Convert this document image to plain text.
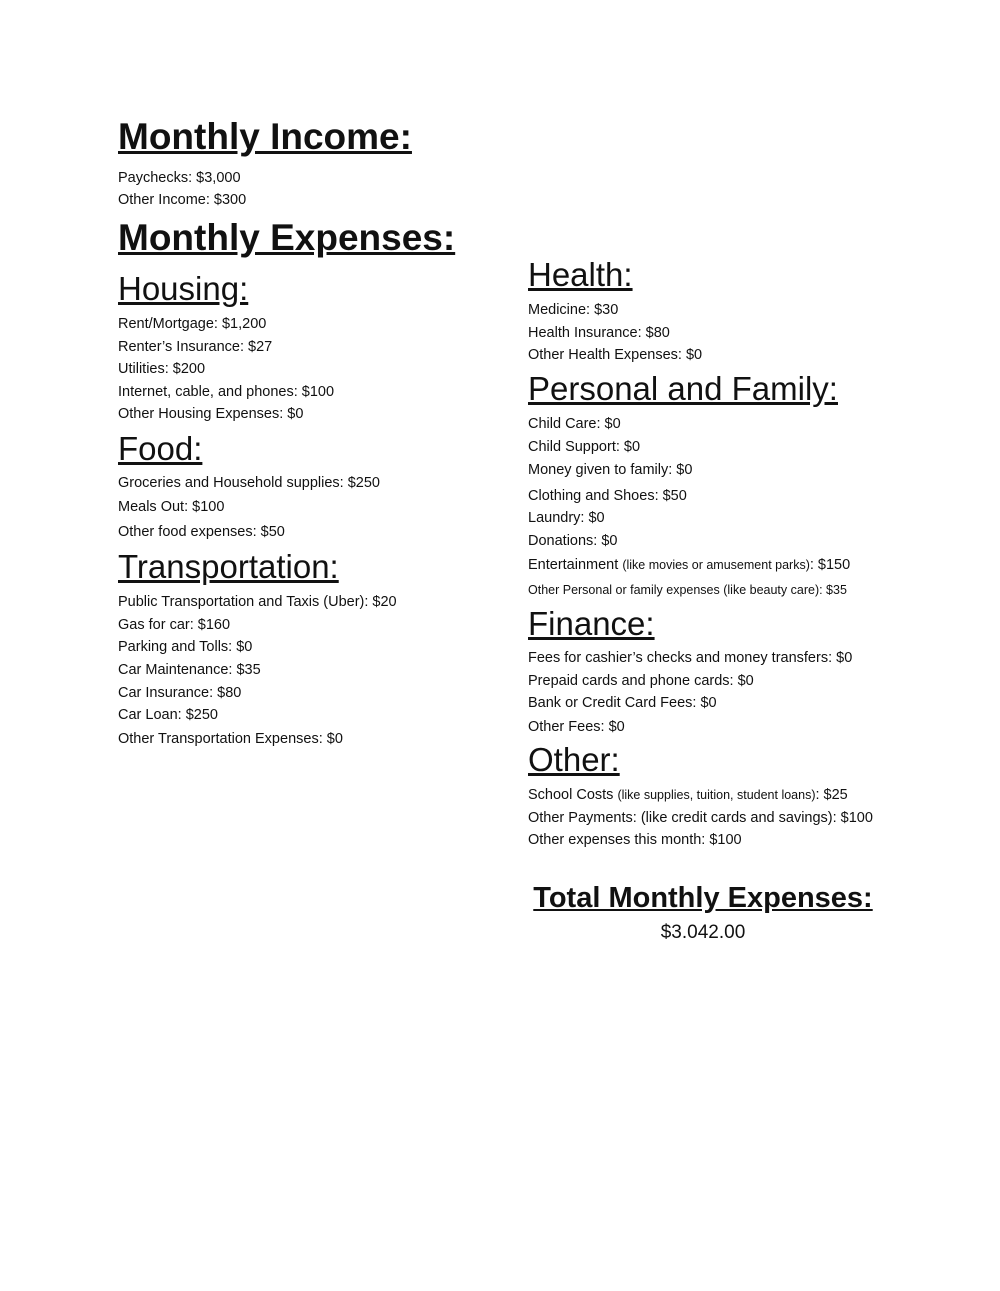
Monthly Income:
Paychecks: $3,000
Other Income: $300
Monthly Expenses:
Housing:
Rent/Mortgage: $1,200
Renter’s Insurance: $27
Utilities: $200
Internet, cable, and phones: $100
Other Housing Expenses: $0
Food:
Groceries and Household supplies: $250
Meals Out: $100
Other food expenses: $50
Transportation:
Public Transportation and Taxis (Uber): $20
Gas for car: $160
Parking and Tolls: $0
Car Maintenance: $35
Car Insurance: $80
Car Loan: $250
Other Transportation Expenses: $0
Health:
Medicine: $30
Health Insurance: $80
Other Health Expenses: $0
Personal and Family:
Child Care: $0
Child Support: $0
Money given to family: $0
Clothing and Shoes: $50
Laundry: $0
Donations: $0
Entertainment (like movies or amusement parks): $150
Other Personal or family expenses (like beauty care): $35
Finance:
Fees for cashier’s checks and money transfers: $0
Prepaid cards and phone cards: $0
Bank or Credit Card Fees: $0
Other Fees: $0
Other:
School Costs (like supplies, tuition, student loans): $25
Other Payments: (like credit cards and savings): $100
Other expenses this month: $100
Total Monthly Expenses:
$3.042.00
